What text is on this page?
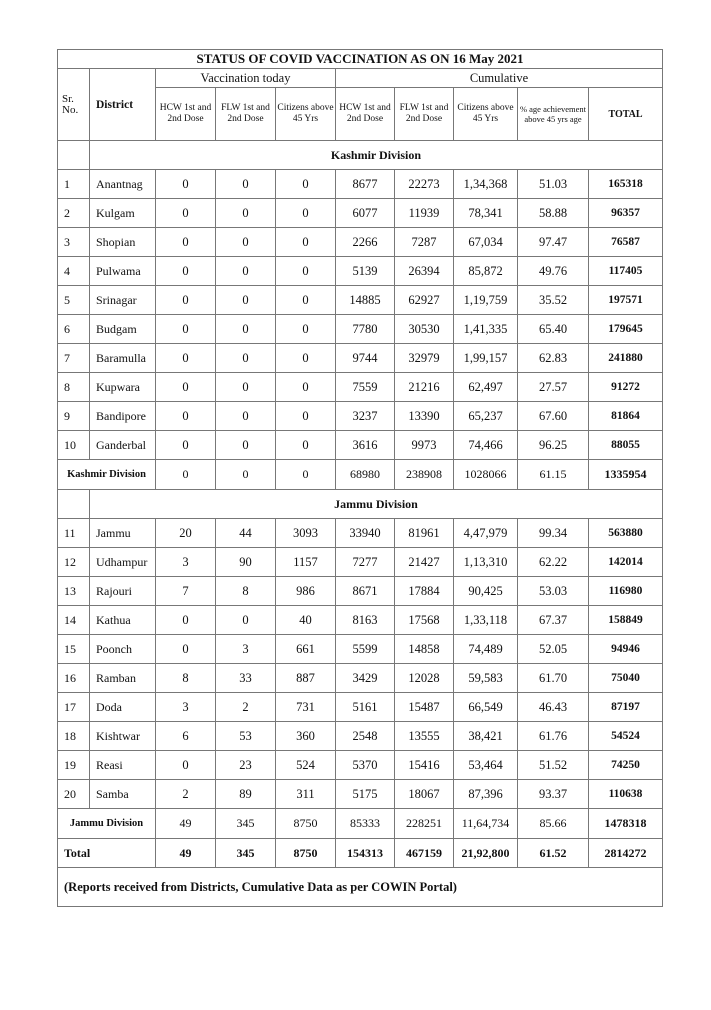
STATUS OF COVID VACCINATION AS ON 16 May 2021									
Sr. No.	District	Vaccination today			Cumulative				
		HCW 1st and 2nd Dose	FLW 1st and 2nd Dose	Citizens above 45 Yrs	HCW 1st and 2nd Dose	FLW 1st and 2nd Dose	Citizens above 45 Yrs	% age achievement above 45 yrs age	TOTAL
	Kashmir Division								
1	Anantnag	0	0	0	8677	22273	1,34,368	51.03	165318
2	Kulgam	0	0	0	6077	11939	78,341	58.88	96357
3	Shopian	0	0	0	2266	7287	67,034	97.47	76587
4	Pulwama	0	0	0	5139	26394	85,872	49.76	117405
5	Srinagar	0	0	0	14885	62927	1,19,759	35.52	197571
6	Budgam	0	0	0	7780	30530	1,41,335	65.40	179645
7	Baramulla	0	0	0	9744	32979	1,99,157	62.83	241880
8	Kupwara	0	0	0	7559	21216	62,497	27.57	91272
9	Bandipore	0	0	0	3237	13390	65,237	67.60	81864
10	Ganderbal	0	0	0	3616	9973	74,466	96.25	88055
Kashmir Division		0	0	0	68980	238908	1028066	61.15	1335954
	Jammu Division								
11	Jammu	20	44	3093	33940	81961	4,47,979	99.34	563880
12	Udhampur	3	90	1157	7277	21427	1,13,310	62.22	142014
13	Rajouri	7	8	986	8671	17884	90,425	53.03	116980
14	Kathua	0	0	40	8163	17568	1,33,118	67.37	158849
15	Poonch	0	3	661	5599	14858	74,489	52.05	94946
16	Ramban	8	33	887	3429	12028	59,583	61.70	75040
17	Doda	3	2	731	5161	15487	66,549	46.43	87197
18	Kishtwar	6	53	360	2548	13555	38,421	61.76	54524
19	Reasi	0	23	524	5370	15416	53,464	51.52	74250
20	Samba	2	89	311	5175	18067	87,396	93.37	110638
Jammu Division		49	345	8750	85333	228251	11,64,734	85.66	1478318
Total		49	345	8750	154313	467159	21,92,800	61.52	2814272
(Reports received from Districts, Cumulative Data as per COWIN Portal)									
